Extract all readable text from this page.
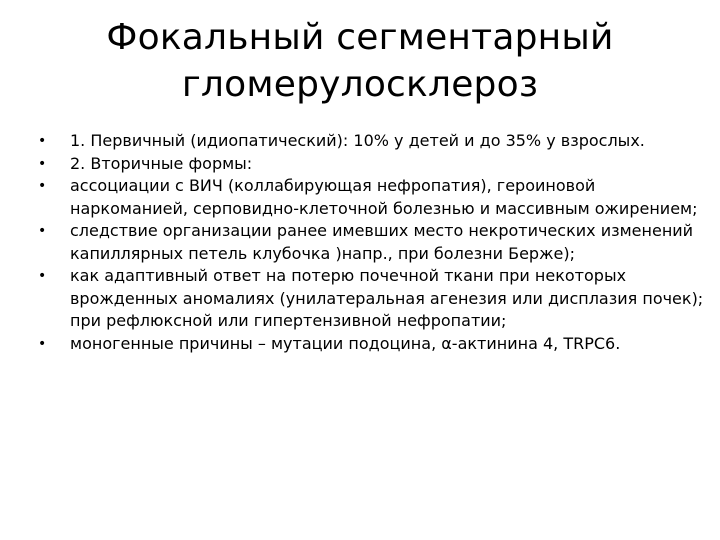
Фокальный сегментарный
гломерулосклероз
•	1. Первичный (идиопатический): 10% у детей и до 35% у взрослых.
•	2. Вторичные формы:
•	ассоциации с ВИЧ (коллабирующая нефропатия), героиновой наркоманией, серповидно-клеточной болезнью и массивным ожирением;
•	следствие организации ранее имевших место некротических изменений капиллярных петель клубочка )напр., при болезни Берже);
•	как адаптивный ответ на потерю почечной ткани при некоторых врожденных аномалиях (унилатеральная агенезия или дисплазия почек); при рефлюксной или гипертензивной нефропатии;
•	моногенные причины – мутации подоцина, α-актинина 4, TRPC6.
